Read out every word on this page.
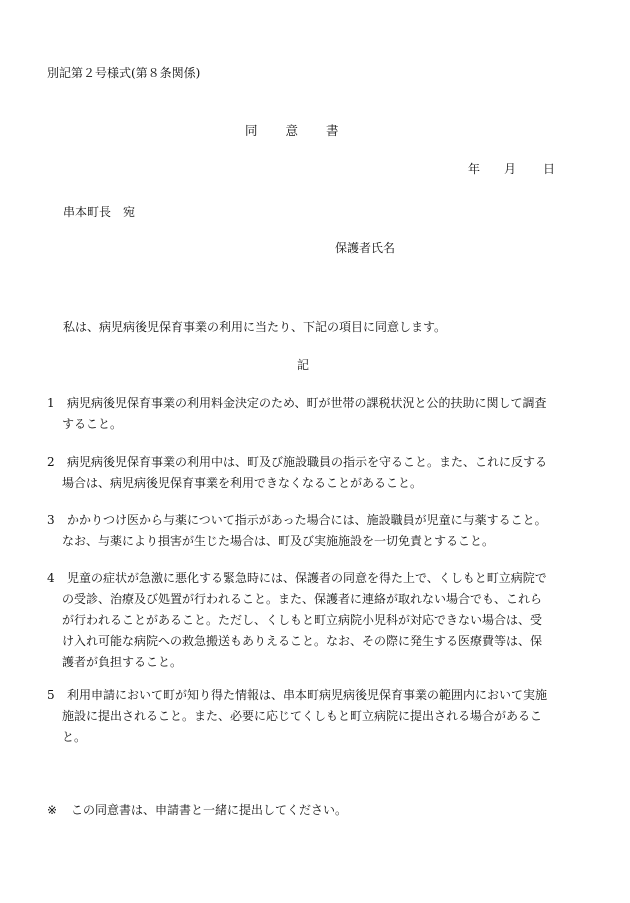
別記第２号様式(第８条関係)
同意書
年 月 日
串本町長　宛
保護者氏名
私は、病児病後児保育事業の利用に当たり、下記の項目に同意します。
記
1	病児病後児保育事業の利用料金決定のため、町が世帯の課税状況と公的扶助に関して調査
すること。
2	病児病後児保育事業の利用中は、町及び施設職員の指示を守ること。また、これに反する
場合は、病児病後児保育事業を利用できなくなることがあること。
3	かかりつけ医から与薬について指示があった場合には、施設職員が児童に与薬すること。
なお、与薬により損害が生じた場合は、町及び実施施設を一切免責とすること。
4	児童の症状が急激に悪化する緊急時には、保護者の同意を得た上で、くしもと町立病院で
の受診、治療及び処置が行われること。また、保護者に連絡が取れない場合でも、これら
が行われることがあること。ただし、くしもと町立病院小児科が対応できない場合は、受
け入れ可能な病院への救急搬送もありえること。なお、その際に発生する医療費等は、保
護者が負担すること。
5	利用申請において町が知り得た情報は、串本町病児病後児保育事業の範囲内において実施
施設に提出されること。また、必要に応じてくしもと町立病院に提出される場合があるこ
と。
※ この同意書は、申請書と一緒に提出してください。
